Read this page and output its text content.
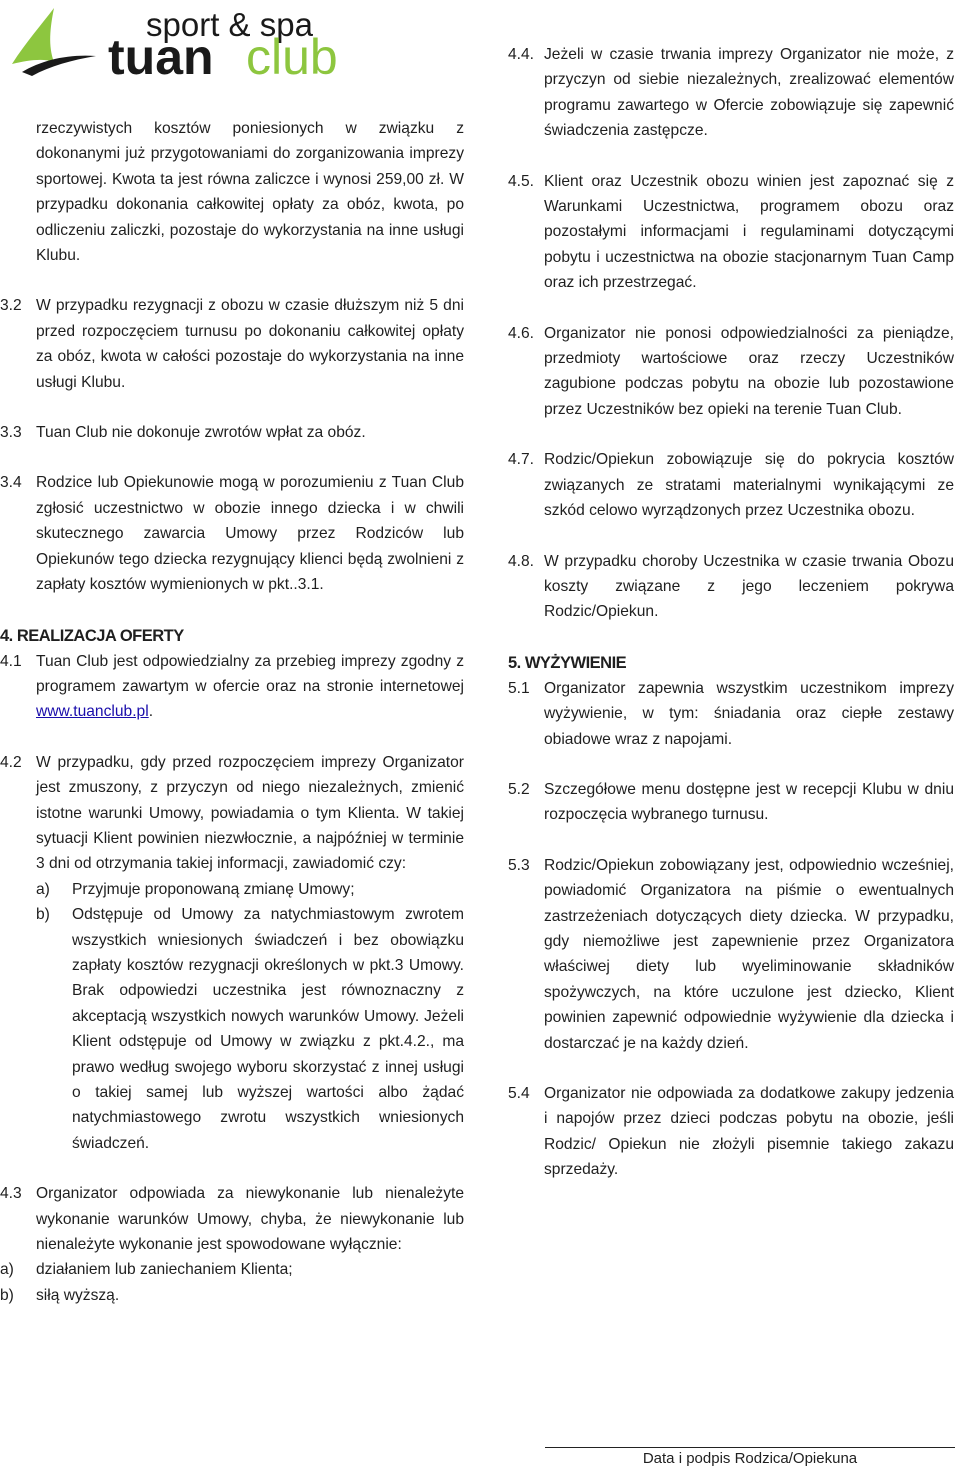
sport & spa
tuan club

rzeczywistych kosztów poniesionych w związku z dokonanymi już przygotowaniami do zorganizowania imprezy sportowej. Kwota ta jest równa zaliczce i wynosi 259,00 zł. W przypadku dokonania całkowitej opłaty za obóz, kwota, po odliczeniu zaliczki, pozostaje do wykorzystania na inne usługi Klubu.

3.2 W przypadku rezygnacji z obozu w czasie dłuższym niż 5 dni przed rozpoczęciem turnusu po dokonaniu całkowitej opłaty za obóz, kwota w całości pozostaje do wykorzystania na inne usługi Klubu.
3.3 Tuan Club nie dokonuje zwrotów wpłat za obóz.
3.4 Rodzice lub Opiekunowie mogą w porozumieniu z Tuan Club zgłosić uczestnictwo w obozie innego dziecka i w chwili skutecznego zawarcia Umowy przez Rodziców lub Opiekunów tego dziecka rezygnujący klienci będą zwolnieni z zapłaty kosztów wymienionych w pkt..3.1.
4. REALIZACJA OFERTY
4.1 Tuan Club jest odpowiedzialny za przebieg imprezy zgodny z programem zawartym w ofercie oraz na stronie internetowej www.tuanclub.pl.
4.2 W przypadku, gdy przed rozpoczęciem imprezy Organizator jest zmuszony, z przyczyn od niego niezależnych, zmienić istotne warunki Umowy, powiadamia o tym Klienta. W takiej sytuacji Klient powinien niezwłocznie, a najpóźniej w terminie 3 dni od otrzymania takiej informacji, zawiadomić czy:
a) Przyjmuje proponowaną zmianę Umowy;
b) Odstępuje od Umowy za natychmiastowym zwrotem wszystkich wniesionych świadczeń i bez obowiązku zapłaty kosztów rezygnacji określonych w pkt.3 Umowy. Brak odpowiedzi uczestnika jest równoznaczny z akceptacją wszystkich nowych warunków Umowy. Jeżeli Klient odstępuje od Umowy w związku z pkt.4.2., ma prawo według swojego wyboru skorzystać z innej usługi o takiej samej lub wyższej wartości albo żądać natychmiastowego zwrotu wszystkich wniesionych świadczeń.
4.3 Organizator odpowiada za niewykonanie lub nienależyte wykonanie warunków Umowy, chyba, że niewykonanie lub nienależyte wykonanie jest spowodowane wyłącznie:
a) działaniem lub zaniechaniem Klienta;
b) siłą wyższą.
4.4. Jeżeli w czasie trwania imprezy Organizator nie może, z przyczyn od siebie niezależnych, zrealizować elementów programu zawartego w Ofercie zobowiązuje się zapewnić świadczenia zastępcze.
4.5. Klient oraz Uczestnik obozu winien jest zapoznać się z Warunkami Uczestnictwa, programem obozu oraz pozostałymi informacjami i regulaminami dotyczącymi pobytu i uczestnictwa na obozie stacjonarnym Tuan Camp oraz ich przestrzegać.
4.6. Organizator nie ponosi odpowiedzialności za pieniądze, przedmioty wartościowe oraz rzeczy Uczestników zagubione podczas pobytu na obozie lub pozostawione przez Uczestników bez opieki na terenie Tuan Club.
4.7. Rodzic/Opiekun zobowiązuje się do pokrycia kosztów związanych ze stratami materialnymi wynikającymi ze szkód celowo wyrządzonych przez Uczestnika obozu.
4.8. W przypadku choroby Uczestnika w czasie trwania Obozu koszty związane z jego leczeniem pokrywa Rodzic/Opiekun.
5. WYŻYWIENIE
5.1 Organizator zapewnia wszystkim uczestnikom imprezy wyżywienie, w tym: śniadania oraz ciepłe zestawy obiadowe wraz z napojami.
5.2 Szczegółowe menu dostępne jest w recepcji Klubu w dniu rozpoczęcia wybranego turnusu.
5.3 Rodzic/Opiekun zobowiązany jest, odpowiednio wcześniej, powiadomić Organizatora na piśmie o ewentualnych zastrzeżeniach dotyczących diety dziecka. W przypadku, gdy niemożliwe jest zapewnienie przez Organizatora właściwej diety lub wyeliminowanie składników spożywczych, na które uczulone jest dziecko, Klient powinien zapewnić odpowiednie wyżywienie dla dziecka i dostarczać je na każdy dzień.
5.4 Organizator nie odpowiada za dodatkowe zakupy jedzenia i napojów przez dzieci podczas pobytu na obozie, jeśli Rodzic/ Opiekun nie złożyli pisemnie takiego zakazu sprzedaży.
Data i podpis Rodzica/Opiekuna
